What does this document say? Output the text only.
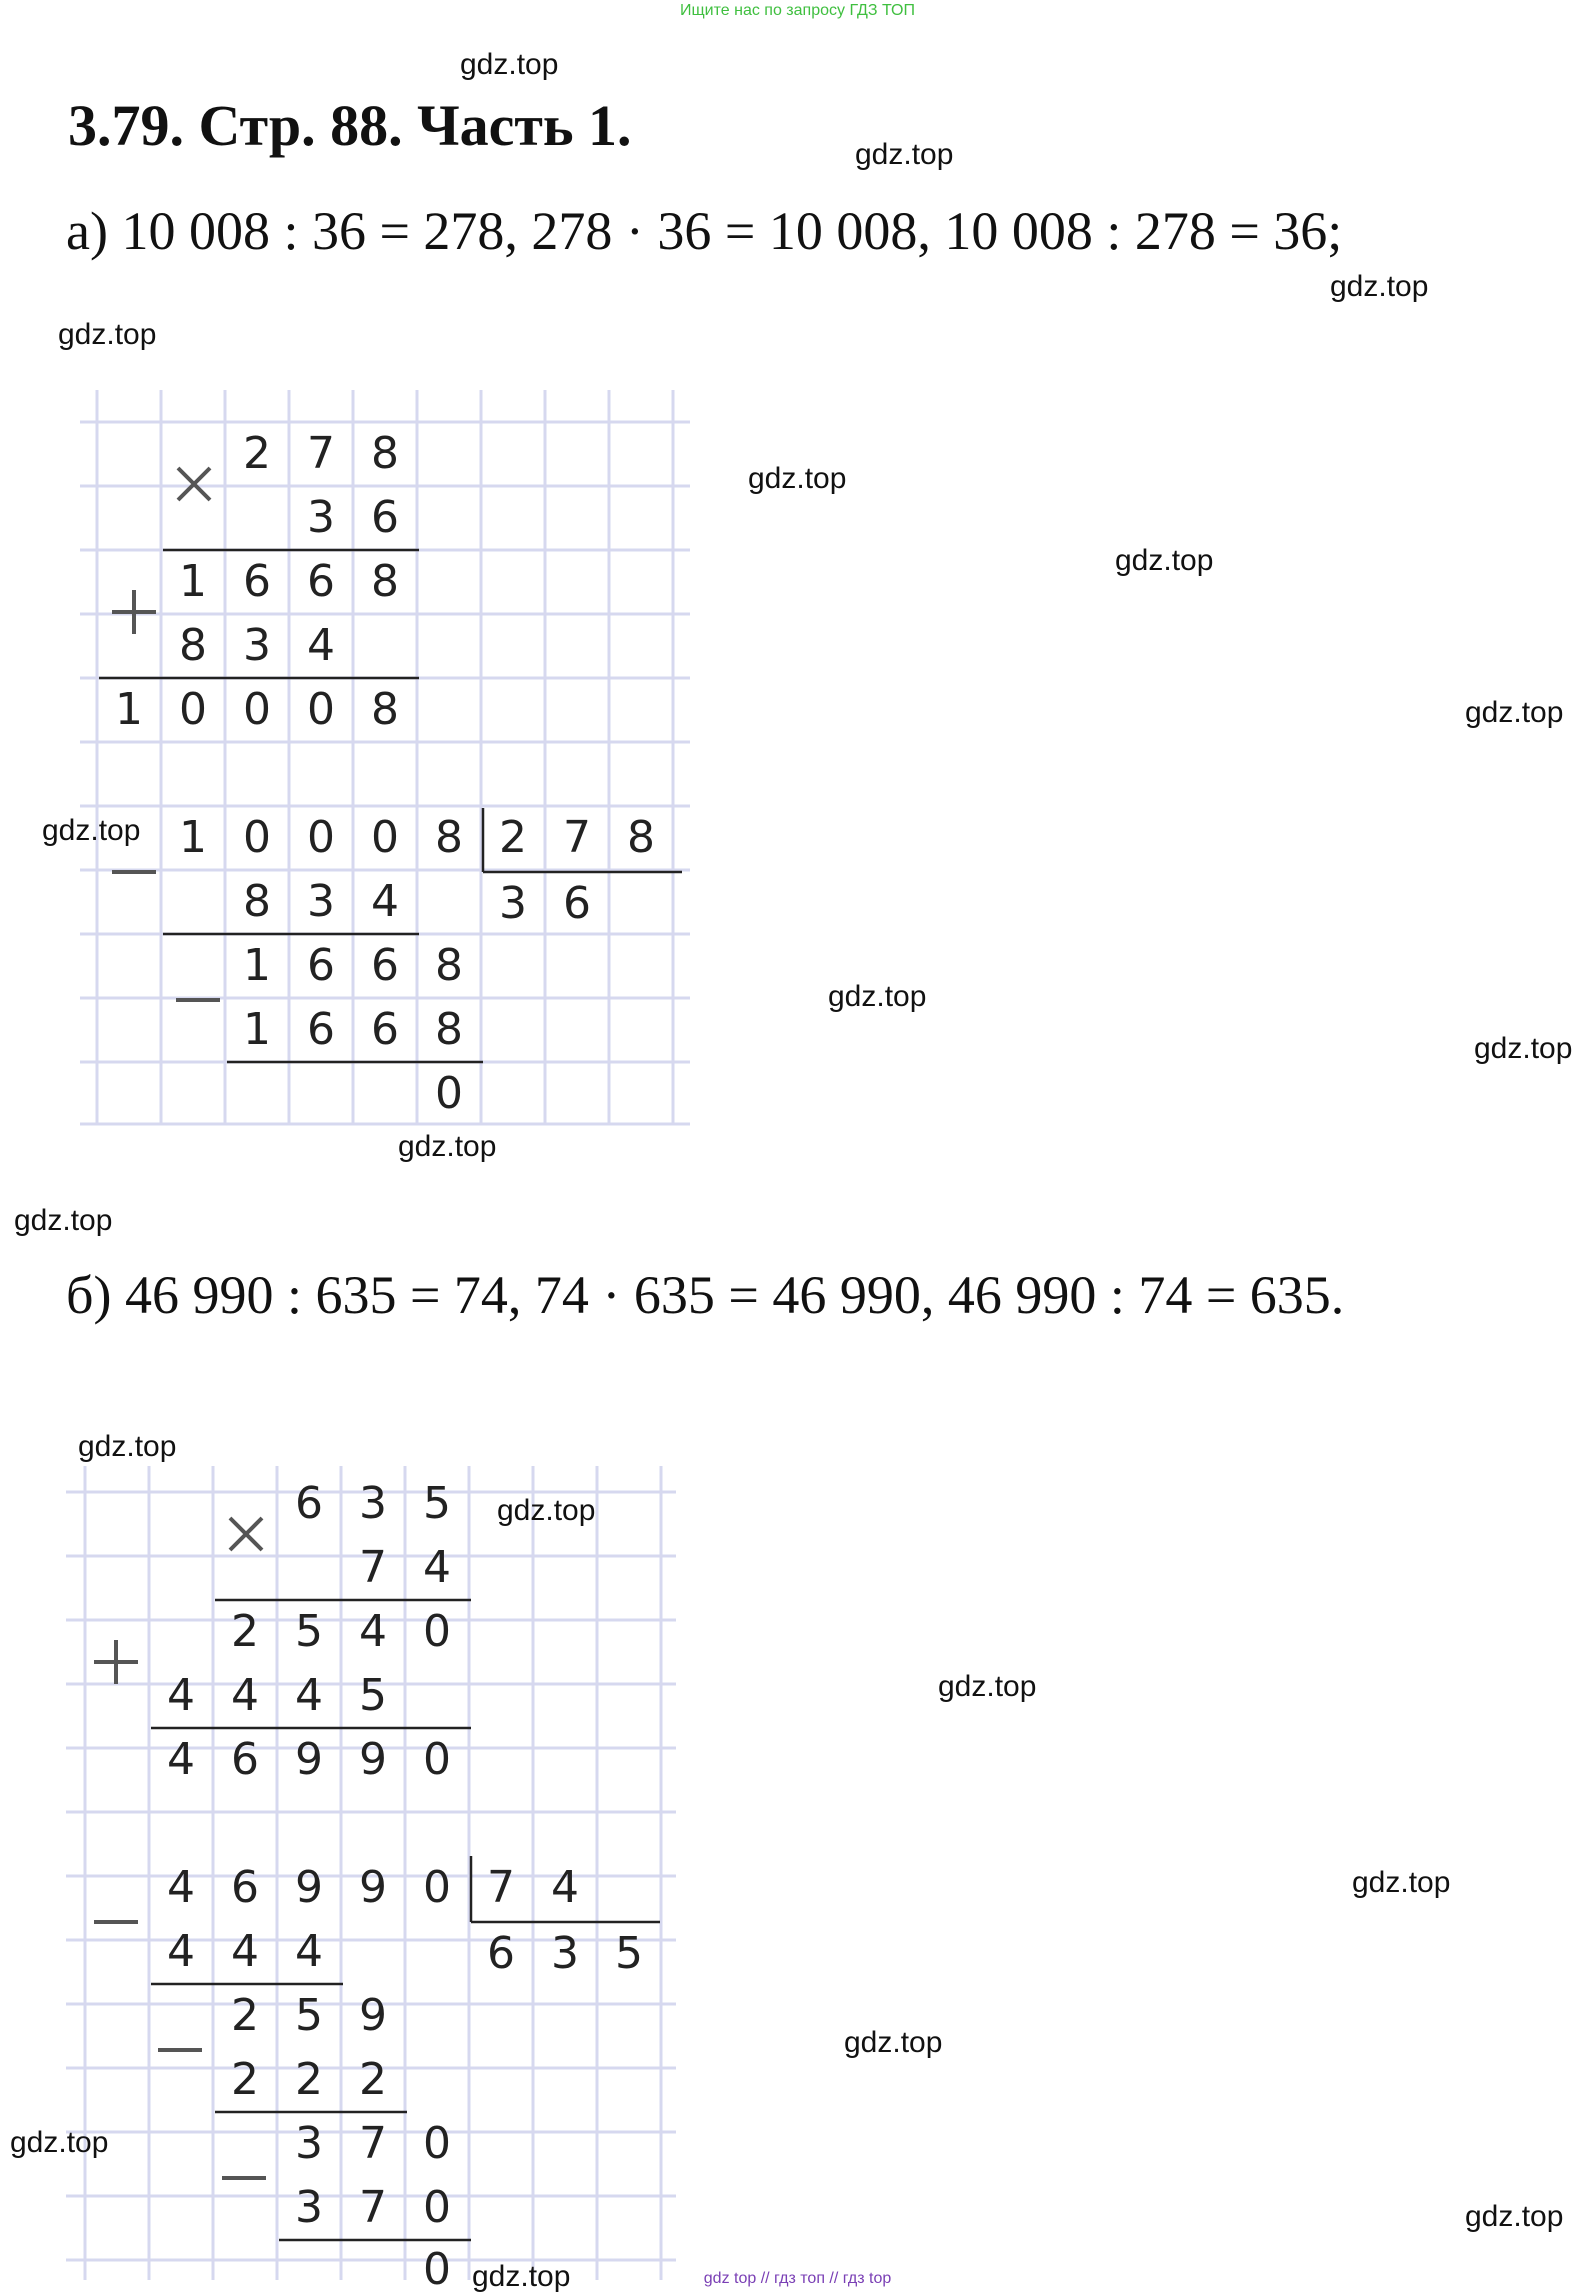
Ищите нас по запросу ГДЗ ТОП
gdz.top
3.79. Стр. 88. Часть 1.	gdz.top
а) 10 008 : 36 = 278, 278 · 36 = 10 008, 10 008 : 278 = 36;
gdz.top
gdz.top
2 7 8
3 6
1 6 6 8
8 3 4
1 0 0 0 8
1 0 0 0 8 2 7 8
3 6
8 3 4
1 6 6 8
1 6 6 8
0
gdz.top
gdz.top
gdz.top
gdz.top
gdz.top
gdz.top
gdz.top
gdz.top
б) 46 990 : 635 = 74, 74 · 635 = 46 990, 46 990 : 74 = 635.
gdz.top
6 3 5
7 4
2 5 4 0
4 4 4 5
4 6 9 9 0
4 6 9 9 0 7 4
6 3 5
4 4 4
2 5 9
2 2 2
3 7 0
3 7 0
0
gdz.top
gdz.top
gdz.top
gdz.top
gdz.top
gdz.top
gdz.top	gdz top // гдз топ // гдз top
